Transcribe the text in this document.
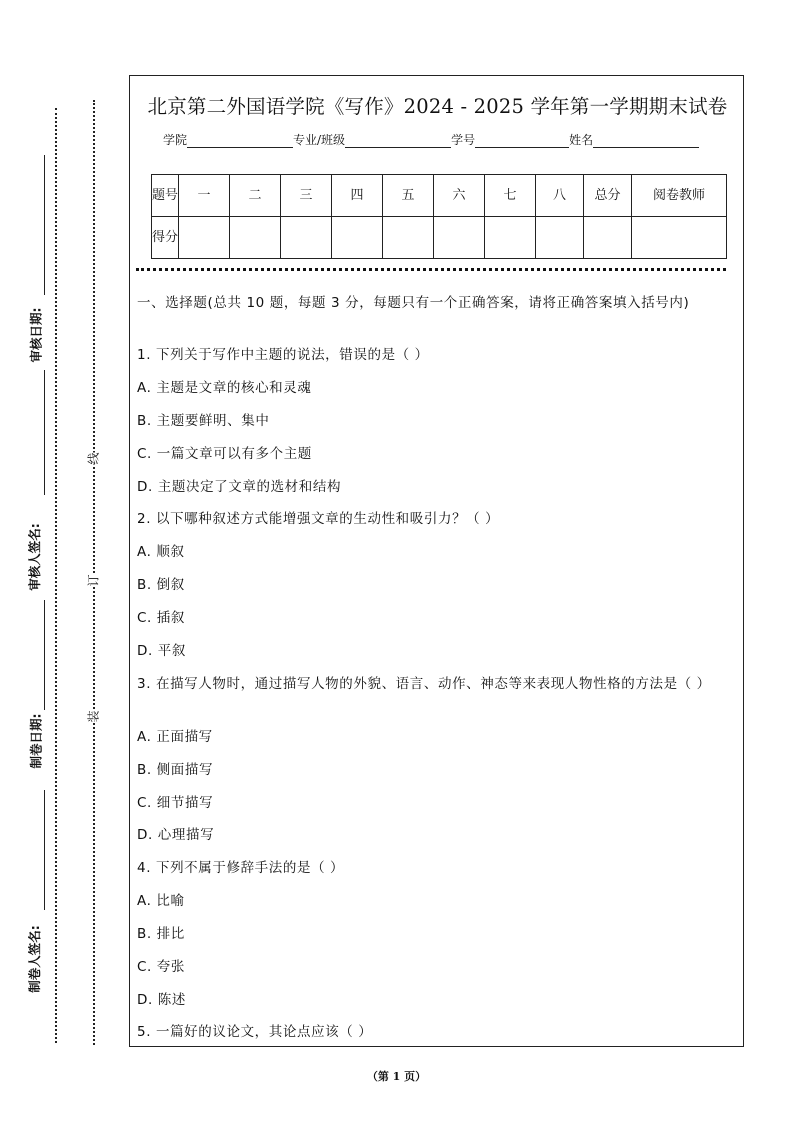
审核日期:
审核人签名:
制卷日期:
制卷人签名:
线
订
装
北京第二外国语学院《写作》2024 - 2025 学年第一学期期末试卷
学院	专业/班级	学号	姓名
题号	一	二	三	四	五	六	七	八	总分	阅卷教师
得分										
一、选择题(总共 10 题，每题 3 分，每题只有一个正确答案，请将正确答案填入括号内)
1. 下列关于写作中主题的说法，错误的是（ ）
A. 主题是文章的核心和灵魂
B. 主题要鲜明、集中
C. 一篇文章可以有多个主题
D. 主题决定了文章的选材和结构
2. 以下哪种叙述方式能增强文章的生动性和吸引力？（ ）
A. 顺叙
B. 倒叙
C. 插叙
D. 平叙
3. 在描写人物时，通过描写人物的外貌、语言、动作、神态等来表现人物性格的方法是（ ）
A. 正面描写
B. 侧面描写
C. 细节描写
D. 心理描写
4. 下列不属于修辞手法的是（ ）
A. 比喻
B. 排比
C. 夸张
D. 陈述
5. 一篇好的议论文，其论点应该（ ）
（第 1 页）
